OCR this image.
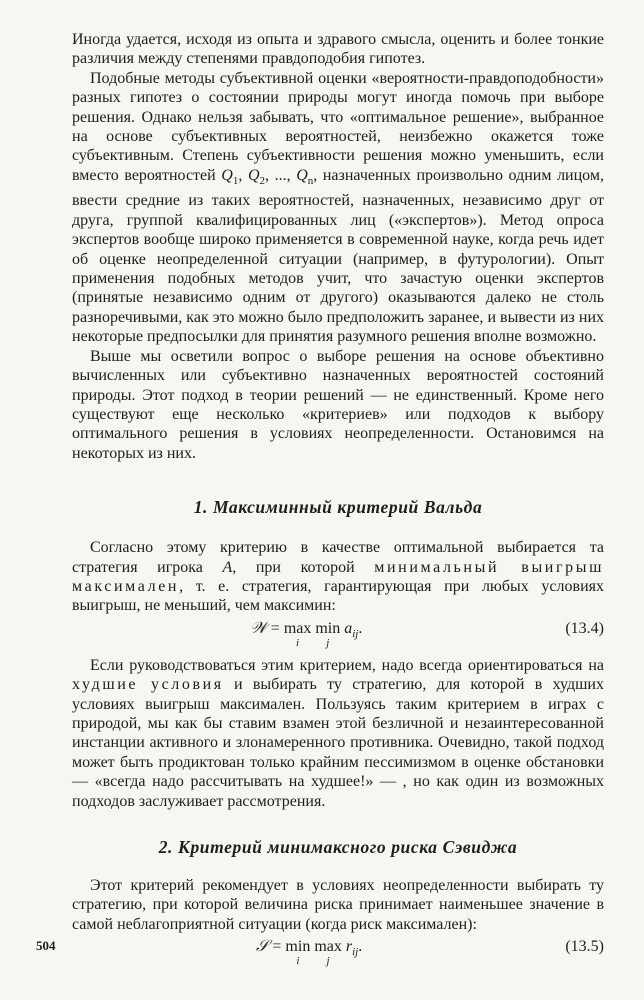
Иногда удается, исходя из опыта и здравого смысла, оценить и более тонкие различия между степенями правдоподобия гипотез.

Подобные методы субъективной оценки «вероятности-правдоподобности» разных гипотез о состоянии природы могут иногда помочь при выборе решения. Однако нельзя забывать, что «оптимальное решение», выбранное на основе субъективных вероятностей, неизбежно окажется тоже субъективным. Степень субъективности решения можно уменьшить, если вместо вероятностей $Q_1$, $Q_2$, ..., $Q_n$, назначенных произвольно одним лицом, ввести средние из таких вероятностей, назначенных, независимо друг от друга, группой квалифицированных лиц («экспертов»). Метод опроса экспертов вообще широко применяется в современной науке, когда речь идет об оценке неопределенной ситуации (например, в футурологии). Опыт применения подобных методов учит, что зачастую оценки экспертов (принятые независимо одним от другого) оказываются далеко не столь разноречивыми, как это можно было предположить заранее, и вывести из них некоторые предпосылки для принятия разумного решения вполне возможно.

Выше мы осветили вопрос о выборе решения на основе объективно вычисленных или субъективно назначенных вероятностей состояний природы. Этот подход в теории решений — не единственный. Кроме него существуют еще несколько «критериев» или подходов к выбору оптимального решения в условиях неопределенности. Остановимся на некоторых из них.

1. Максиминный критерий Вальда

Согласно этому критерию в качестве оптимальной выбирается та стратегия игрока A, при которой минимальный выигрыш максимален, т. е. стратегия, гарантирующая при любых условиях выигрыш, не меньший, чем максимин:

𝒲 = max
i
min
j
$a_{ij}$.	(13.4)

Если руководствоваться этим критерием, надо всегда ориентироваться на худшие условия и выбирать ту стратегию, для которой в худших условиях выигрыш максимален. Пользуясь таким критерием в играх с природой, мы как бы ставим взамен этой безличной и незаинтересованной инстанции активного и злонамеренного противника. Очевидно, такой подход может быть продиктован только крайним пессимизмом в оценке обстановки — «всегда надо рассчитывать на худшее!» — , но как один из возможных подходов заслуживает рассмотрения.

2. Критерий минимаксного риска Сэвиджа

Этот критерий рекомендует в условиях неопределенности выбирать ту стратегию, при которой величина риска принимает наименьшее значение в самой неблагоприятной ситуации (когда риск максимален):

𝒮 = min
i
max
j
$r_{ij}$.	(13.5)
504
